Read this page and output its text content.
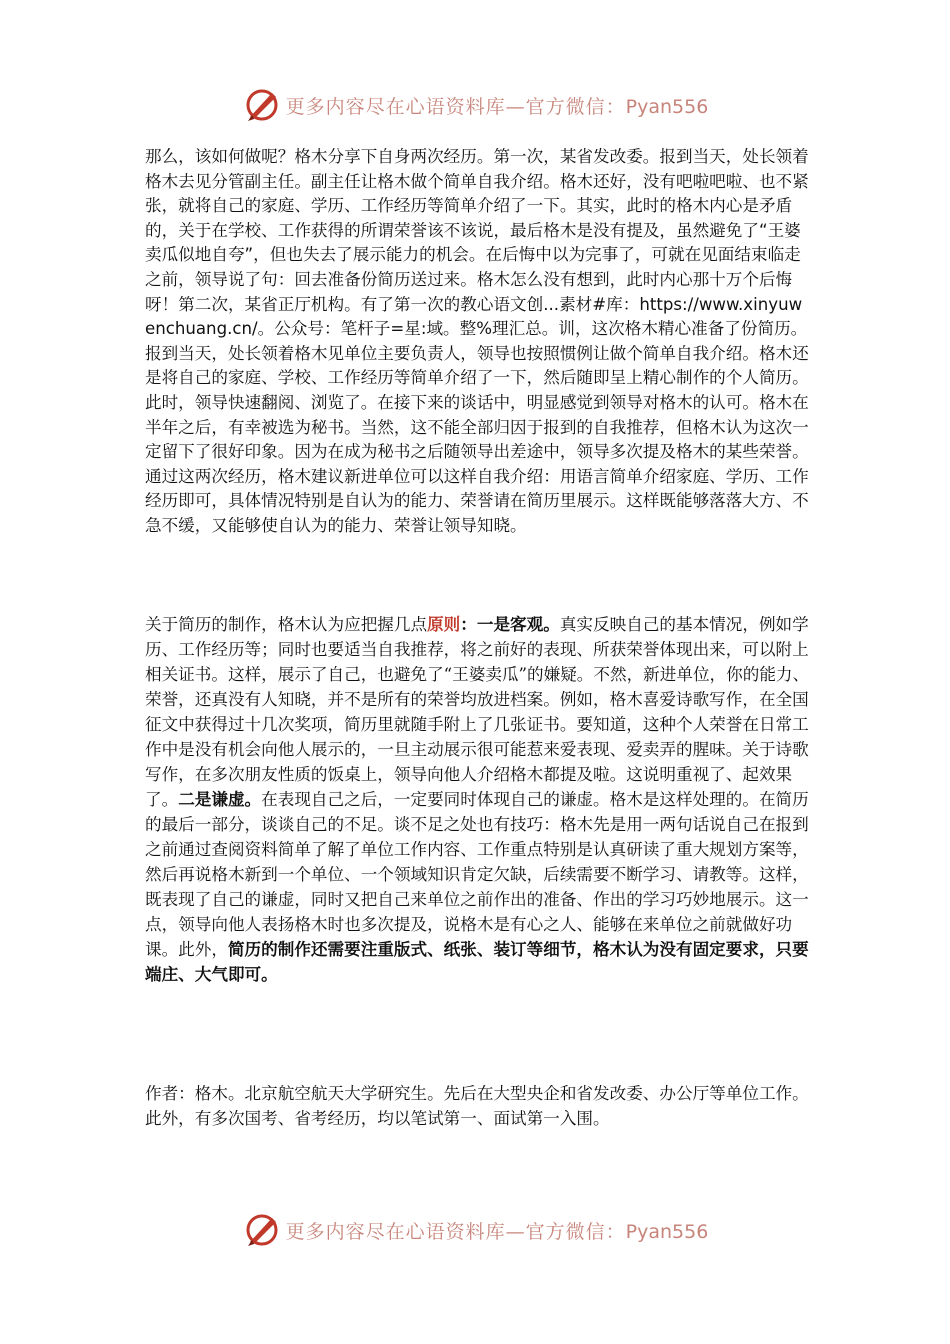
更多内容尽在心语资料库—官方微信：Pyan556

那么，该如何做呢？格木分享下自身两次经历。第一次，某省发改委。报到当天，处长领着格木去见分管副主任。副主任让格木做个简单自我介绍。格木还好，没有吧啦吧啦、也不紧张，就将自己的家庭、学历、工作经历等简单介绍了一下。其实，此时的格木内心是矛盾的，关于在学校、工作获得的所谓荣誉该不该说，最后格木是没有提及，虽然避免了“王婆卖瓜似地自夸”，但也失去了展示能力的机会。在后悔中以为完事了，可就在见面结束临走之前，领导说了句：回去准备份简历送过来。格木怎么没有想到，此时内心那十万个后悔呀！第二次，某省正厅机构。有了第一次的教心语文创...素材#库：https://www.xinyuwenchuang.cn/。公众号：笔杆子=星:域。整%理汇总。训，这次格木精心准备了份简历。报到当天，处长领着格木见单位主要负责人，领导也按照惯例让做个简单自我介绍。格木还是将自己的家庭、学校、工作经历等简单介绍了一下，然后随即呈上精心制作的个人简历。此时，领导快速翻阅、浏览了。在接下来的谈话中，明显感觉到领导对格木的认可。格木在半年之后，有幸被选为秘书。当然，这不能全部归因于报到的自我推荐，但格木认为这次一定留下了很好印象。因为在成为秘书之后随领导出差途中，领导多次提及格木的某些荣誉。通过这两次经历，格木建议新进单位可以这样自我介绍：用语言简单介绍家庭、学历、工作经历即可，具体情况特别是自认为的能力、荣誉请在简历里展示。这样既能够落落大方、不急不缓，又能够使自认为的能力、荣誉让领导知晓。

关于简历的制作，格木认为应把握几点原则：一是客观。真实反映自己的基本情况，例如学历、工作经历等；同时也要适当自我推荐，将之前好的表现、所获荣誉体现出来，可以附上相关证书。这样，展示了自己，也避免了“王婆卖瓜”的嫌疑。不然，新进单位，你的能力、荣誉，还真没有人知晓，并不是所有的荣誉均放进档案。例如，格木喜爱诗歌写作，在全国征文中获得过十几次奖项，简历里就随手附上了几张证书。要知道，这种个人荣誉在日常工作中是没有机会向他人展示的，一旦主动展示很可能惹来爱表现、爱卖弄的腥味。关于诗歌写作，在多次朋友性质的饭桌上，领导向他人介绍格木都提及啦。这说明重视了、起效果了。二是谦虚。在表现自己之后，一定要同时体现自己的谦虚。格木是这样处理的。在简历的最后一部分，谈谈自己的不足。谈不足之处也有技巧：格木先是用一两句话说自己在报到之前通过查阅资料简单了解了单位工作内容、工作重点特别是认真研读了重大规划方案等，然后再说格木新到一个单位、一个领域知识肯定欠缺，后续需要不断学习、请教等。这样，既表现了自己的谦虚，同时又把自己来单位之前作出的准备、作出的学习巧妙地展示。这一点，领导向他人表扬格木时也多次提及，说格木是有心之人、能够在来单位之前就做好功课。此外，简历的制作还需要注重版式、纸张、装订等细节，格木认为没有固定要求，只要端庄、大气即可。

作者：格木。北京航空航天大学研究生。先后在大型央企和省发改委、办公厅等单位工作。此外，有多次国考、省考经历，均以笔试第一、面试第一入围。

更多内容尽在心语资料库—官方微信：Pyan556
